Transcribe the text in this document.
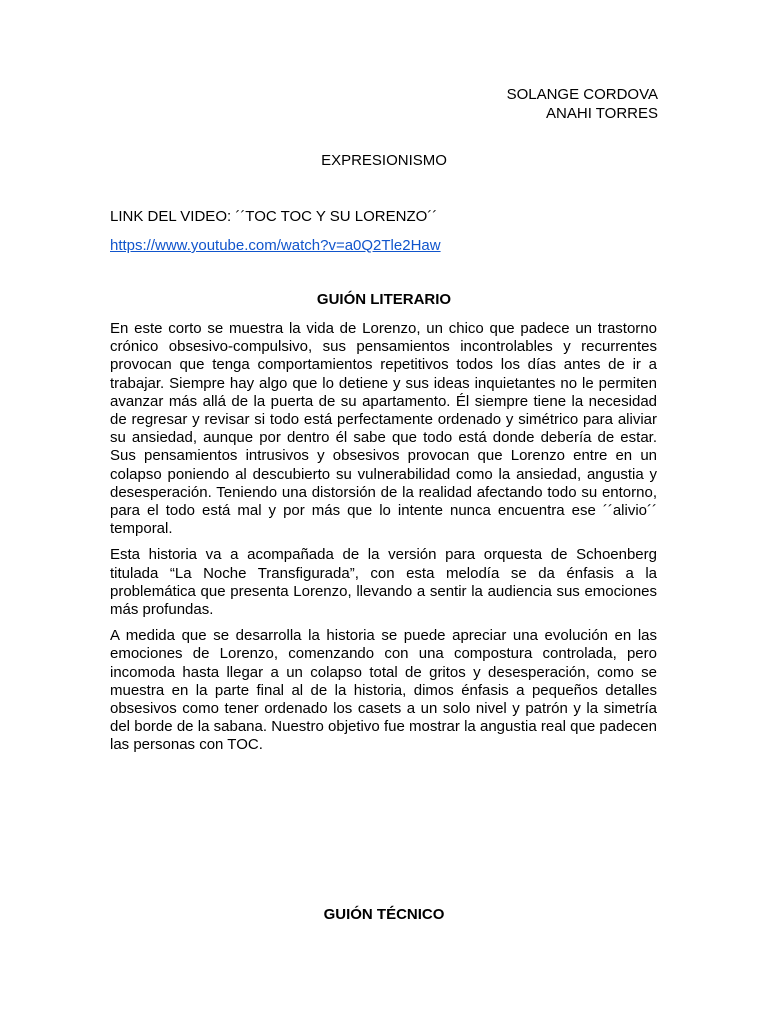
SOLANGE CORDOVA
ANAHI TORRES
EXPRESIONISMO
LINK DEL VIDEO: ´´TOC TOC Y SU LORENZO´´
https://www.youtube.com/watch?v=a0Q2Tle2Haw
GUIÓN LITERARIO

En este corto se muestra la vida de Lorenzo, un chico que padece un trastorno crónico obsesivo-compulsivo, sus pensamientos incontrolables y recurrentes provocan que tenga comportamientos repetitivos todos los días antes de ir a trabajar. Siempre hay algo que lo detiene y sus ideas inquietantes no le permiten avanzar más allá de la puerta de su apartamento. Él siempre tiene la necesidad de regresar y revisar si todo está perfectamente ordenado y simétrico para aliviar su ansiedad, aunque por dentro él sabe que todo está donde debería de estar. Sus pensamientos intrusivos y obsesivos provocan que Lorenzo entre en un colapso poniendo al descubierto su vulnerabilidad como la ansiedad, angustia y desesperación. Teniendo una distorsión de la realidad afectando todo su entorno, para el todo está mal y por más que lo intente nunca encuentra ese ´´alivio´´ temporal.

Esta historia va a acompañada de la versión para orquesta de Schoenberg titulada “La Noche Transfigurada”, con esta melodía se da énfasis a la problemática que presenta Lorenzo, llevando a sentir la audiencia sus emociones más profundas.

A medida que se desarrolla la historia se puede apreciar una evolución en las emociones de Lorenzo, comenzando con una compostura controlada, pero incomoda hasta llegar a un colapso total de gritos y desesperación, como se muestra en la parte final al de la historia, dimos énfasis a pequeños detalles obsesivos como tener ordenado los casets a un solo nivel y patrón y la simetría del borde de la sabana. Nuestro objetivo fue mostrar la angustia real que padecen las personas con TOC.

GUIÓN TÉCNICO
